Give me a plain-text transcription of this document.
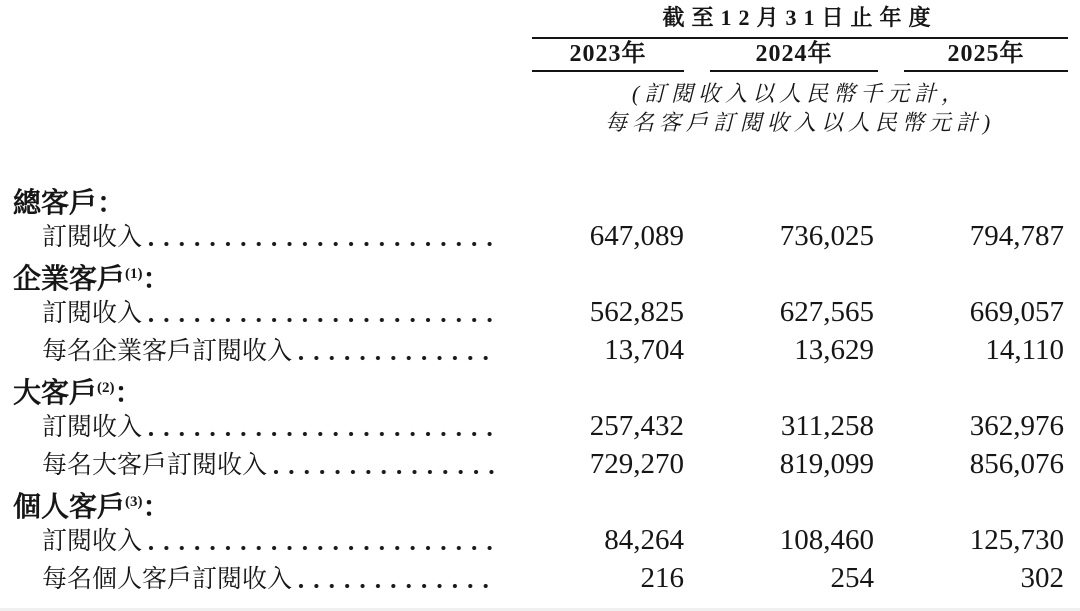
截至12月31日止年度
2023年	2024年	2025年
(訂閱收入以人民幣千元計，
每名客戶訂閱收入以人民幣元計)
總客戶：
訂閱收入	647,089	736,025	794,787
企業客戶$^{(1)}$：
訂閱收入	562,825	627,565	669,057
每名企業客戶訂閱收入	13,704	13,629	14,110
大客戶$^{(2)}$：
訂閱收入	257,432	311,258	362,976
每名大客戶訂閱收入	729,270	819,099	856,076
個人客戶$^{(3)}$：
訂閱收入	84,264	108,460	125,730
每名個人客戶訂閱收入	216	254	302
